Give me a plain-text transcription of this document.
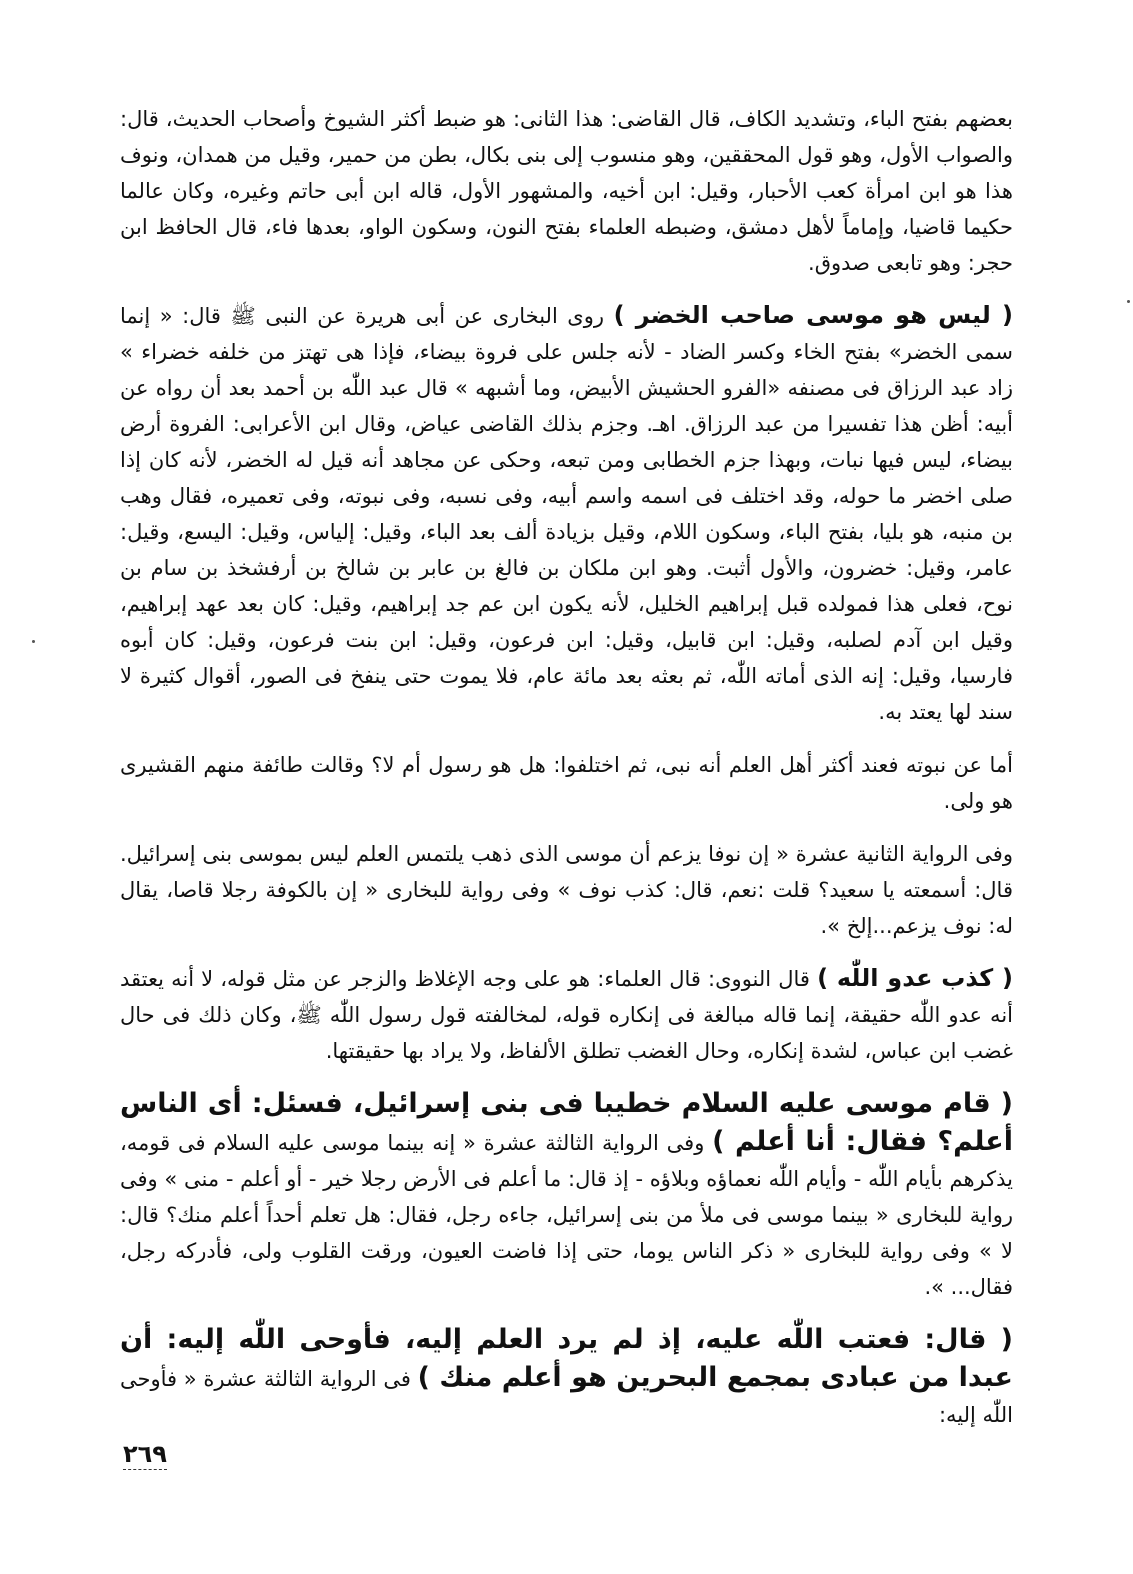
بعضهم بفتح الباء، وتشديد الكاف، قال القاضى: هذا الثانى: هو ضبط أكثر الشيوخ وأصحاب الحديث، قال: والصواب الأول، وهو قول المحققين، وهو منسوب إلى بنى بكال، بطن من حمير، وقيل من همدان، ونوف هذا هو ابن امرأة كعب الأحبار، وقيل: ابن أخيه، والمشهور الأول، قاله ابن أبى حاتم وغيره، وكان عالما حكيما قاضيا، وإماماً لأهل دمشق، وضبطه العلماء بفتح النون، وسكون الواو، بعدها فاء، قال الحافظ ابن حجر: وهو تابعى صدوق.

( ليس هو موسى صاحب الخضر ) روى البخارى عن أبى هريرة عن النبى ﷺ قال: « إنما سمى الخضر» بفتح الخاء وكسر الضاد - لأنه جلس على فروة بيضاء، فإذا هى تهتز من خلفه خضراء » زاد عبد الرزاق فى مصنفه «الفرو الحشيش الأبيض، وما أشبهه » قال عبد اللّٰه بن أحمد بعد أن رواه عن أبيه: أظن هذا تفسيرا من عبد الرزاق. اهـ. وجزم بذلك القاضى عياض، وقال ابن الأعرابى: الفروة أرض بيضاء، ليس فيها نبات، وبهذا جزم الخطابى ومن تبعه، وحكى عن مجاهد أنه قيل له الخضر، لأنه كان إذا صلى اخضر ما حوله، وقد اختلف فى اسمه واسم أبيه، وفى نسبه، وفى نبوته، وفى تعميره، فقال وهب بن منبه، هو بليا، بفتح الباء، وسكون اللام، وقيل بزيادة ألف بعد الباء، وقيل: إلياس، وقيل: اليسع، وقيل: عامر، وقيل: خضرون، والأول أثبت. وهو ابن ملكان بن فالغ بن عابر بن شالخ بن أرفشخذ بن سام بن نوح، فعلى هذا فمولده قبل إبراهيم الخليل، لأنه يكون ابن عم جد إبراهيم، وقيل: كان بعد عهد إبراهيم، وقيل ابن آدم لصلبه، وقيل: ابن قابيل، وقيل: ابن فرعون، وقيل: ابن بنت فرعون، وقيل: كان أبوه فارسيا، وقيل: إنه الذى أماته اللّٰه، ثم بعثه بعد مائة عام، فلا يموت حتى ينفخ فى الصور، أقوال كثيرة لا سند لها يعتد به.

أما عن نبوته فعند أكثر أهل العلم أنه نبى، ثم اختلفوا: هل هو رسول أم لا؟ وقالت طائفة منهم القشيرى هو ولى.

وفى الرواية الثانية عشرة « إن نوفا يزعم أن موسى الذى ذهب يلتمس العلم ليس بموسى بنى إسرائيل. قال: أسمعته يا سعيد؟ قلت :نعم، قال: كذب نوف » وفى رواية للبخارى « إن بالكوفة رجلا قاصا، يقال له: نوف يزعم...إلخ ».

( كذب عدو اللّٰه ) قال النووى: قال العلماء: هو على وجه الإغلاظ والزجر عن مثل قوله، لا أنه يعتقد أنه عدو اللّٰه حقيقة، إنما قاله مبالغة فى إنكاره قوله، لمخالفته قول رسول اللّٰه ﷺ، وكان ذلك فى حال غضب ابن عباس، لشدة إنكاره، وحال الغضب تطلق الألفاظ، ولا يراد بها حقيقتها.

( قام موسى عليه السلام خطيبا فى بنى إسرائيل، فسئل: أى الناس أعلم؟ فقال: أنا أعلم ) وفى الرواية الثالثة عشرة « إنه بينما موسى عليه السلام فى قومه، يذكرهم بأيام اللّٰه - وأيام اللّٰه نعماؤه وبلاؤه - إذ قال: ما أعلم فى الأرض رجلا خير - أو أعلم - منى » وفى رواية للبخارى « بينما موسى فى ملأ من بنى إسرائيل، جاءه رجل، فقال: هل تعلم أحداً أعلم منك؟ قال: لا » وفى رواية للبخارى « ذكر الناس يوما، حتى إذا فاضت العيون، ورقت القلوب ولى، فأدركه رجل، فقال... ».

( قال: فعتب اللّٰه عليه، إذ لم يرد العلم إليه، فأوحى اللّٰه إليه: أن عبدا من عبادى بمجمع البحرين هو أعلم منك ) فى الرواية الثالثة عشرة « فأوحى اللّٰه إليه:

٢٦٩
